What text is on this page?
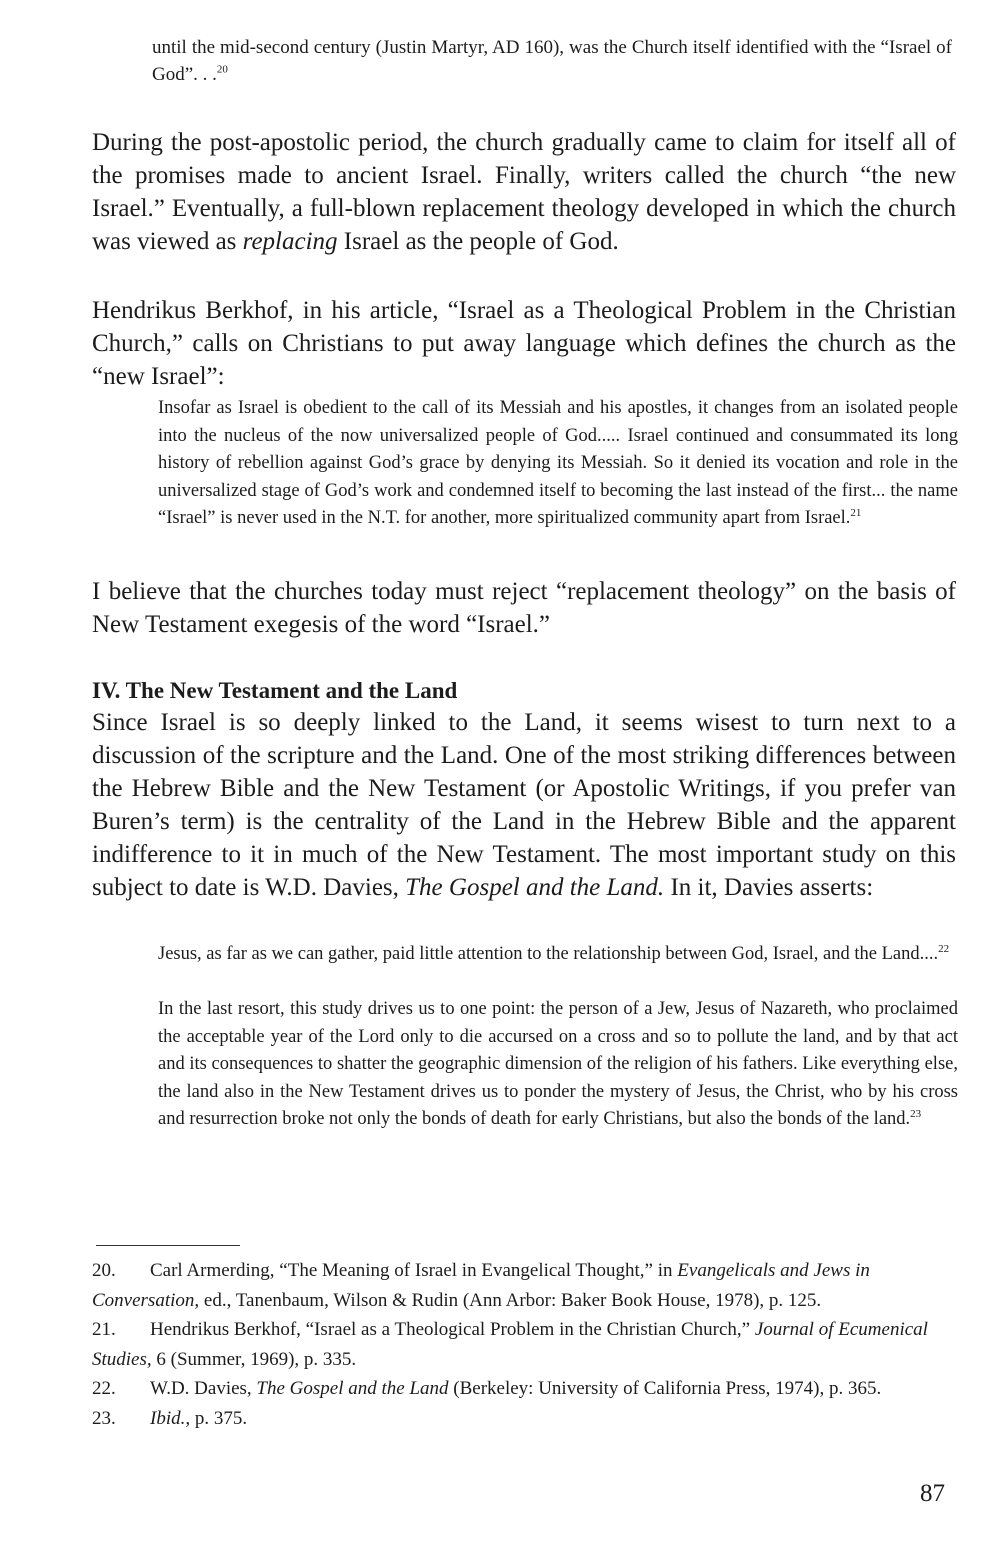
until the mid-second century (Justin Martyr, AD 160), was the Church itself identified with the “Israel of God”. . .$^{20}$

During the post-apostolic period, the church gradually came to claim for itself all of the promises made to ancient Israel. Finally, writers called the church “the new Israel.” Eventually, a full-blown replacement theology developed in which the church was viewed as replacing Israel as the people of God.

Hendrikus Berkhof, in his article, “Israel as a Theological Problem in the Christian Church,” calls on Christians to put away language which defines the church as the “new Israel”:

Insofar as Israel is obedient to the call of its Messiah and his apostles, it changes from an isolated people into the nucleus of the now universalized people of God..... Israel continued and consummated its long history of rebellion against God’s grace by denying its Messiah. So it denied its vocation and role in the universalized stage of God’s work and condemned itself to becoming the last instead of the first... the name “Israel” is never used in the N.T. for another, more spiritualized community apart from Israel.$^{21}$

I believe that the churches today must reject “replacement theology” on the basis of New Testament exegesis of the word “Israel.”

IV. The New Testament and the Land

Since Israel is so deeply linked to the Land, it seems wisest to turn next to a discussion of the scripture and the Land. One of the most striking differences between the Hebrew Bible and the New Testament (or Apostolic Writings, if you prefer van Buren’s term) is the centrality of the Land in the Hebrew Bible and the apparent indifference to it in much of the New Testament. The most important study on this subject to date is W.D. Davies, The Gospel and the Land. In it, Davies asserts:

Jesus, as far as we can gather, paid little attention to the relationship between God, Israel, and the Land....$^{22}$

In the last resort, this study drives us to one point: the person of a Jew, Jesus of Nazareth, who proclaimed the acceptable year of the Lord only to die accursed on a cross and so to pollute the land, and by that act and its consequences to shatter the geographic dimension of the religion of his fathers. Like everything else, the land also in the New Testament drives us to ponder the mystery of Jesus, the Christ, who by his cross and resurrection broke not only the bonds of death for early Christians, but also the bonds of the land.$^{23}$

20. Carl Armerding, “The Meaning of Israel in Evangelical Thought,” in Evangelicals and Jews in Conversation, ed., Tanenbaum, Wilson & Rudin (Ann Arbor: Baker Book House, 1978), p. 125.

21. Hendrikus Berkhof, “Israel as a Theological Problem in the Christian Church,” Journal of Ecumenical Studies, 6 (Summer, 1969), p. 335.

22. W.D. Davies, The Gospel and the Land (Berkeley: University of California Press, 1974), p. 365.

23. Ibid., p. 375.

87
